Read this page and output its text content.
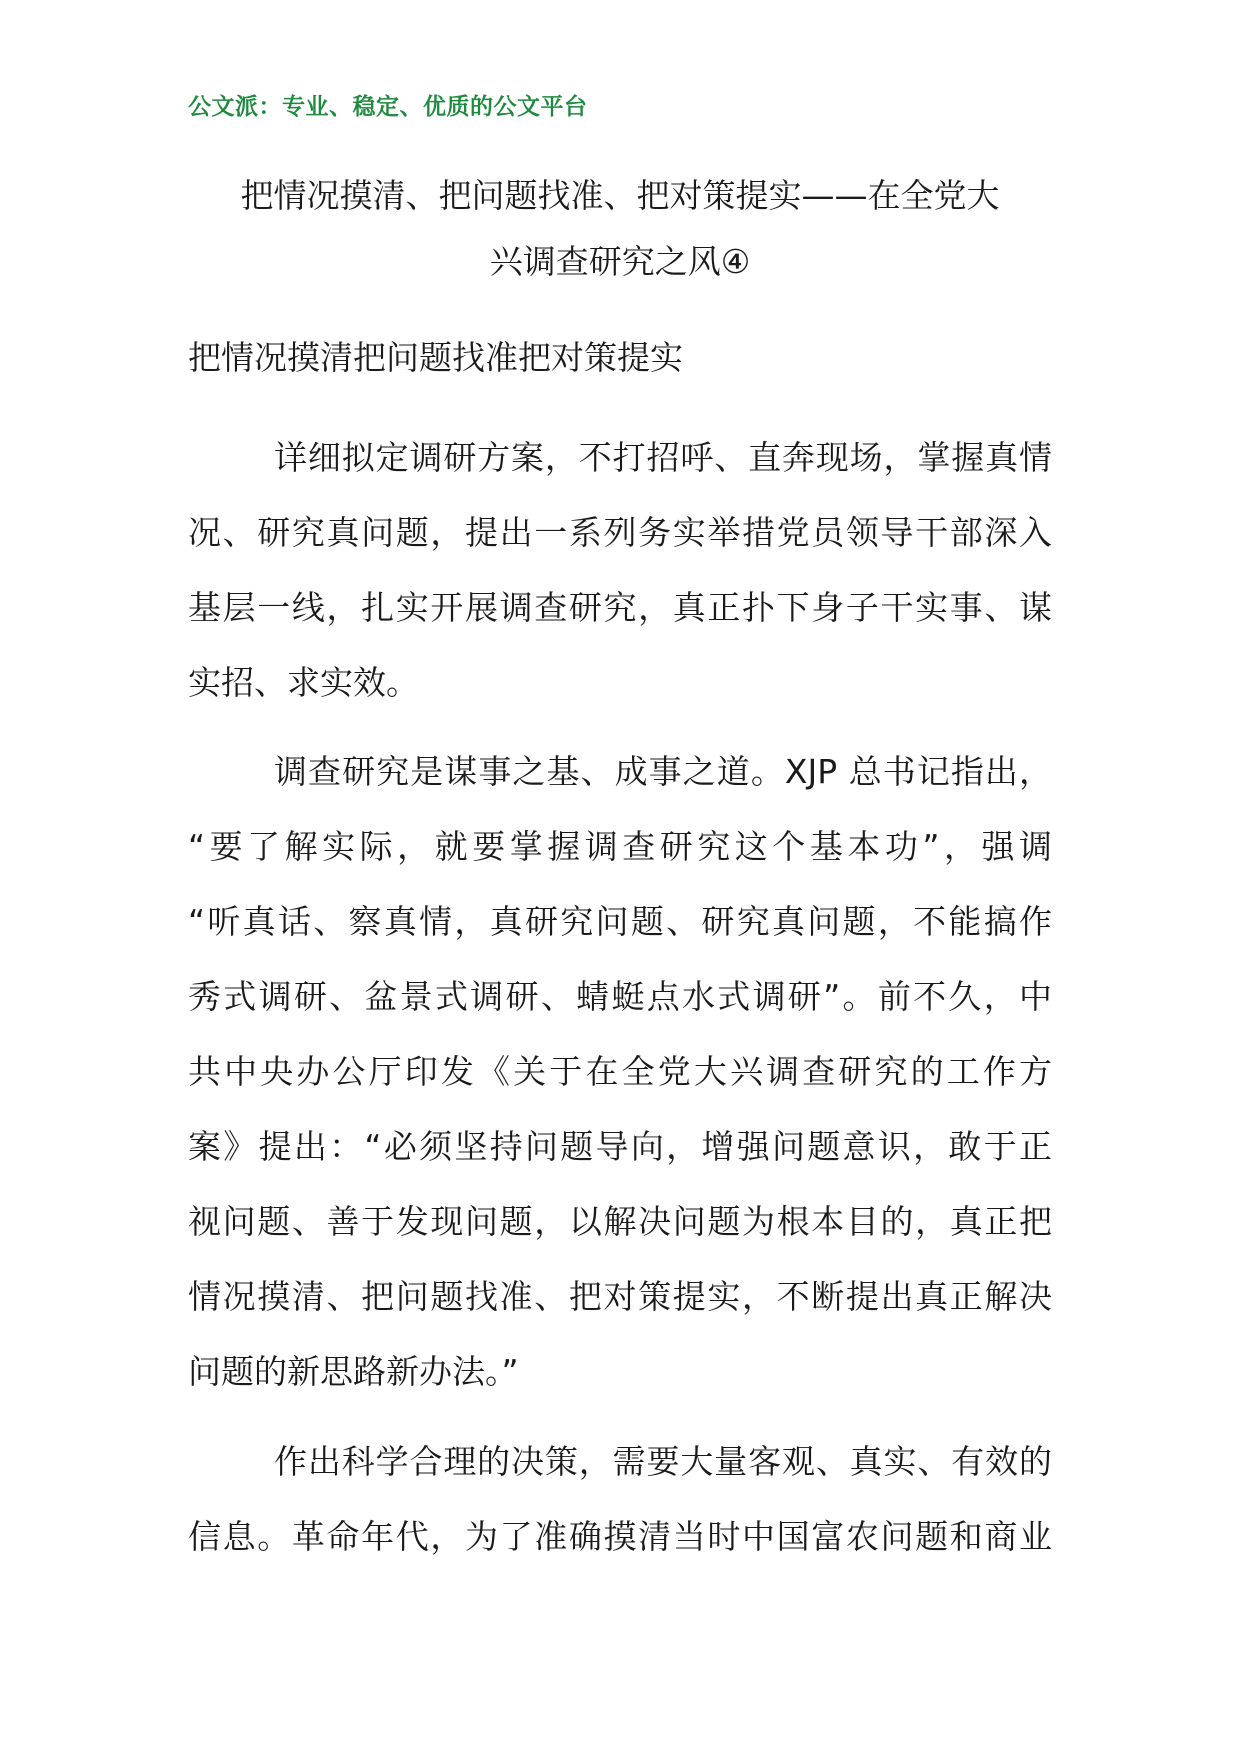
公文派：专业、稳定、优质的公文平台
把情况摸清、把问题找准、把对策提实——在全党大
兴调查研究之风④
把情况摸清把问题找准把对策提实
详细拟定调研方案，不打招呼、直奔现场，掌握真情
况、研究真问题，提出一系列务实举措党员领导干部深入
基层一线，扎实开展调查研究，真正扑下身子干实事、谋
实招、求实效。
调查研究是谋事之基、成事之道。XJP 总书记指出，
“要了解实际，就要掌握调查研究这个基本功”，强调
“听真话、察真情，真研究问题、研究真问题，不能搞作
秀式调研、盆景式调研、蜻蜓点水式调研”。前不久，中
共中央办公厅印发《关于在全党大兴调查研究的工作方
案》提出：“必须坚持问题导向，增强问题意识，敢于正
视问题、善于发现问题，以解决问题为根本目的，真正把
情况摸清、把问题找准、把对策提实，不断提出真正解决
问题的新思路新办法。”
作出科学合理的决策，需要大量客观、真实、有效的
信息。革命年代，为了准确摸清当时中国富农问题和商业
